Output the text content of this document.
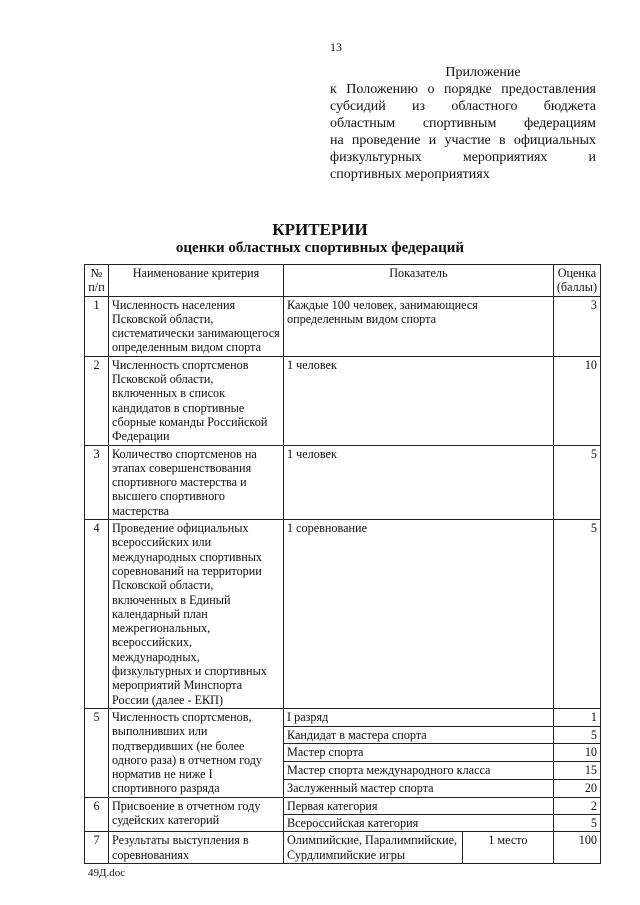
13
Приложение
к Положению о порядке предоставления
субсидий из областного бюджета
областным спортивным федерациям
на проведение и участие в официальных
физкультурных мероприятиях и
спортивных мероприятиях
КРИТЕРИИ
оценки областных спортивных федераций
№ п/п	Наименование критерия	Показатель		Оценка (баллы)
1	Численность населения Псковской области, систематически занимающегося определенным видом спорта	Каждые 100 человек, занимающиеся определенным видом спорта		3
2	Численность спортсменов Псковской области, включенных в список кандидатов в спортивные сборные команды Российской Федерации	1 человек		10
3	Количество спортсменов на этапах совершенствования спортивного мастерства и высшего спортивного мастерства	1 человек		5
4	Проведение официальных всероссийских или международных спортивных соревнований на территории Псковской области, включенных в Единый календарный план межрегиональных, всероссийских, международных, физкультурных и спортивных мероприятий Минспорта России (далее - ЕКП)	1 соревнование		5
5	Численность спортсменов, выполнивших или подтвердивших (не более одного раза) в отчетном году норматив не ниже I спортивного разряда	I разряд		1
		Кандидат в мастера спорта		5
		Мастер спорта		10
		Мастер спорта международного класса		15
		Заслуженный мастер спорта		20
6	Присвоение в отчетном году судейских категорий	Первая категория		2
		Всероссийская категория		5
7	Результаты выступления в соревнованиях	Олимпийские, Паралимпийские, Сурдлимпийские игры	1 место	100
49Д.doc
